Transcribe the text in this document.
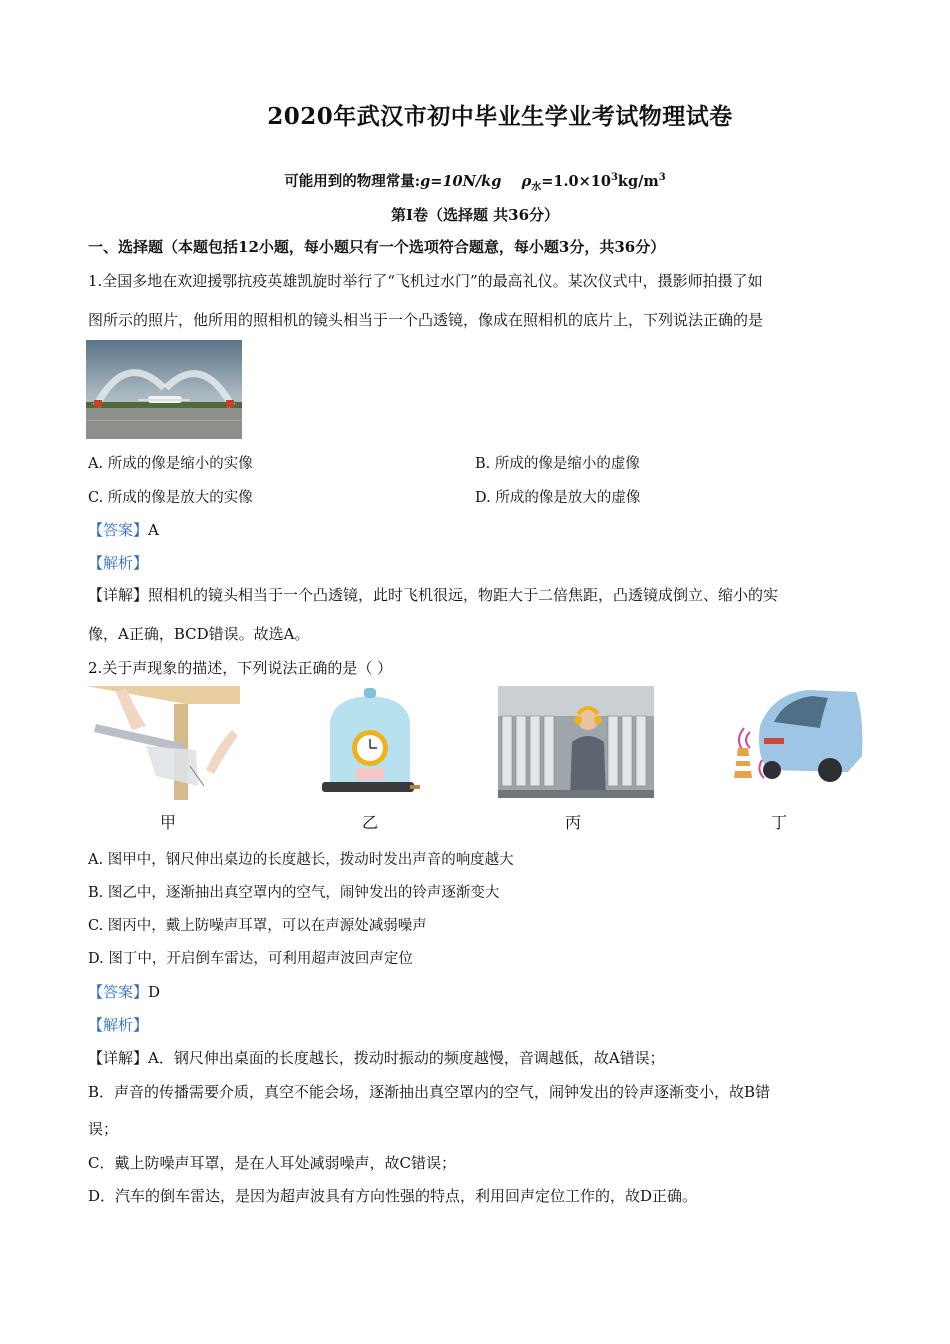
2020年武汉市初中毕业生学业考试物理试卷
可能用到的物理常量:g=10N/kg $\rho_水=1.0\times 10^3kg/m^3$
第Ⅰ卷（选择题 共36分）
一、选择题（本题包括12小题，每小题只有一个选项符合题意，每小题3分，共36分）
1.全国多地在欢迎援鄂抗疫英雄凯旋时举行了“飞机过水门”的最高礼仪。某次仪式中，摄影师拍摄了如
图所示的照片，他所用的照相机的镜头相当于一个凸透镜，像成在照相机的底片上，下列说法正确的是
A. 所成的像是缩小的实像	B. 所成的像是缩小的虚像
C. 所成的像是放大的实像	D. 所成的像是放大的虚像
【答案】A
【解析】
【详解】照相机的镜头相当于一个凸透镜，此时飞机很远，物距大于二倍焦距，凸透镜成倒立、缩小的实
像，A正确，BCD错误。故选A。
2.关于声现象的描述，下列说法正确的是（ ）
甲	乙	丙	丁
A. 图甲中，钢尺伸出桌边的长度越长，拨动时发出声音的响度越大
B. 图乙中，逐渐抽出真空罩内的空气，闹钟发出的铃声逐渐变大
C. 图丙中，戴上防噪声耳罩，可以在声源处减弱噪声
D. 图丁中，开启倒车雷达，可利用超声波回声定位
【答案】D
【解析】
【详解】A．钢尺伸出桌面的长度越长，拨动时振动的频度越慢，音调越低，故A错误；
B．声音的传播需要介质，真空不能会场，逐渐抽出真空罩内的空气，闹钟发出的铃声逐渐变小，故B错
误；
C．戴上防噪声耳罩，是在人耳处减弱噪声，故C错误；
D．汽车的倒车雷达，是因为超声波具有方向性强的特点，利用回声定位工作的，故D正确。
